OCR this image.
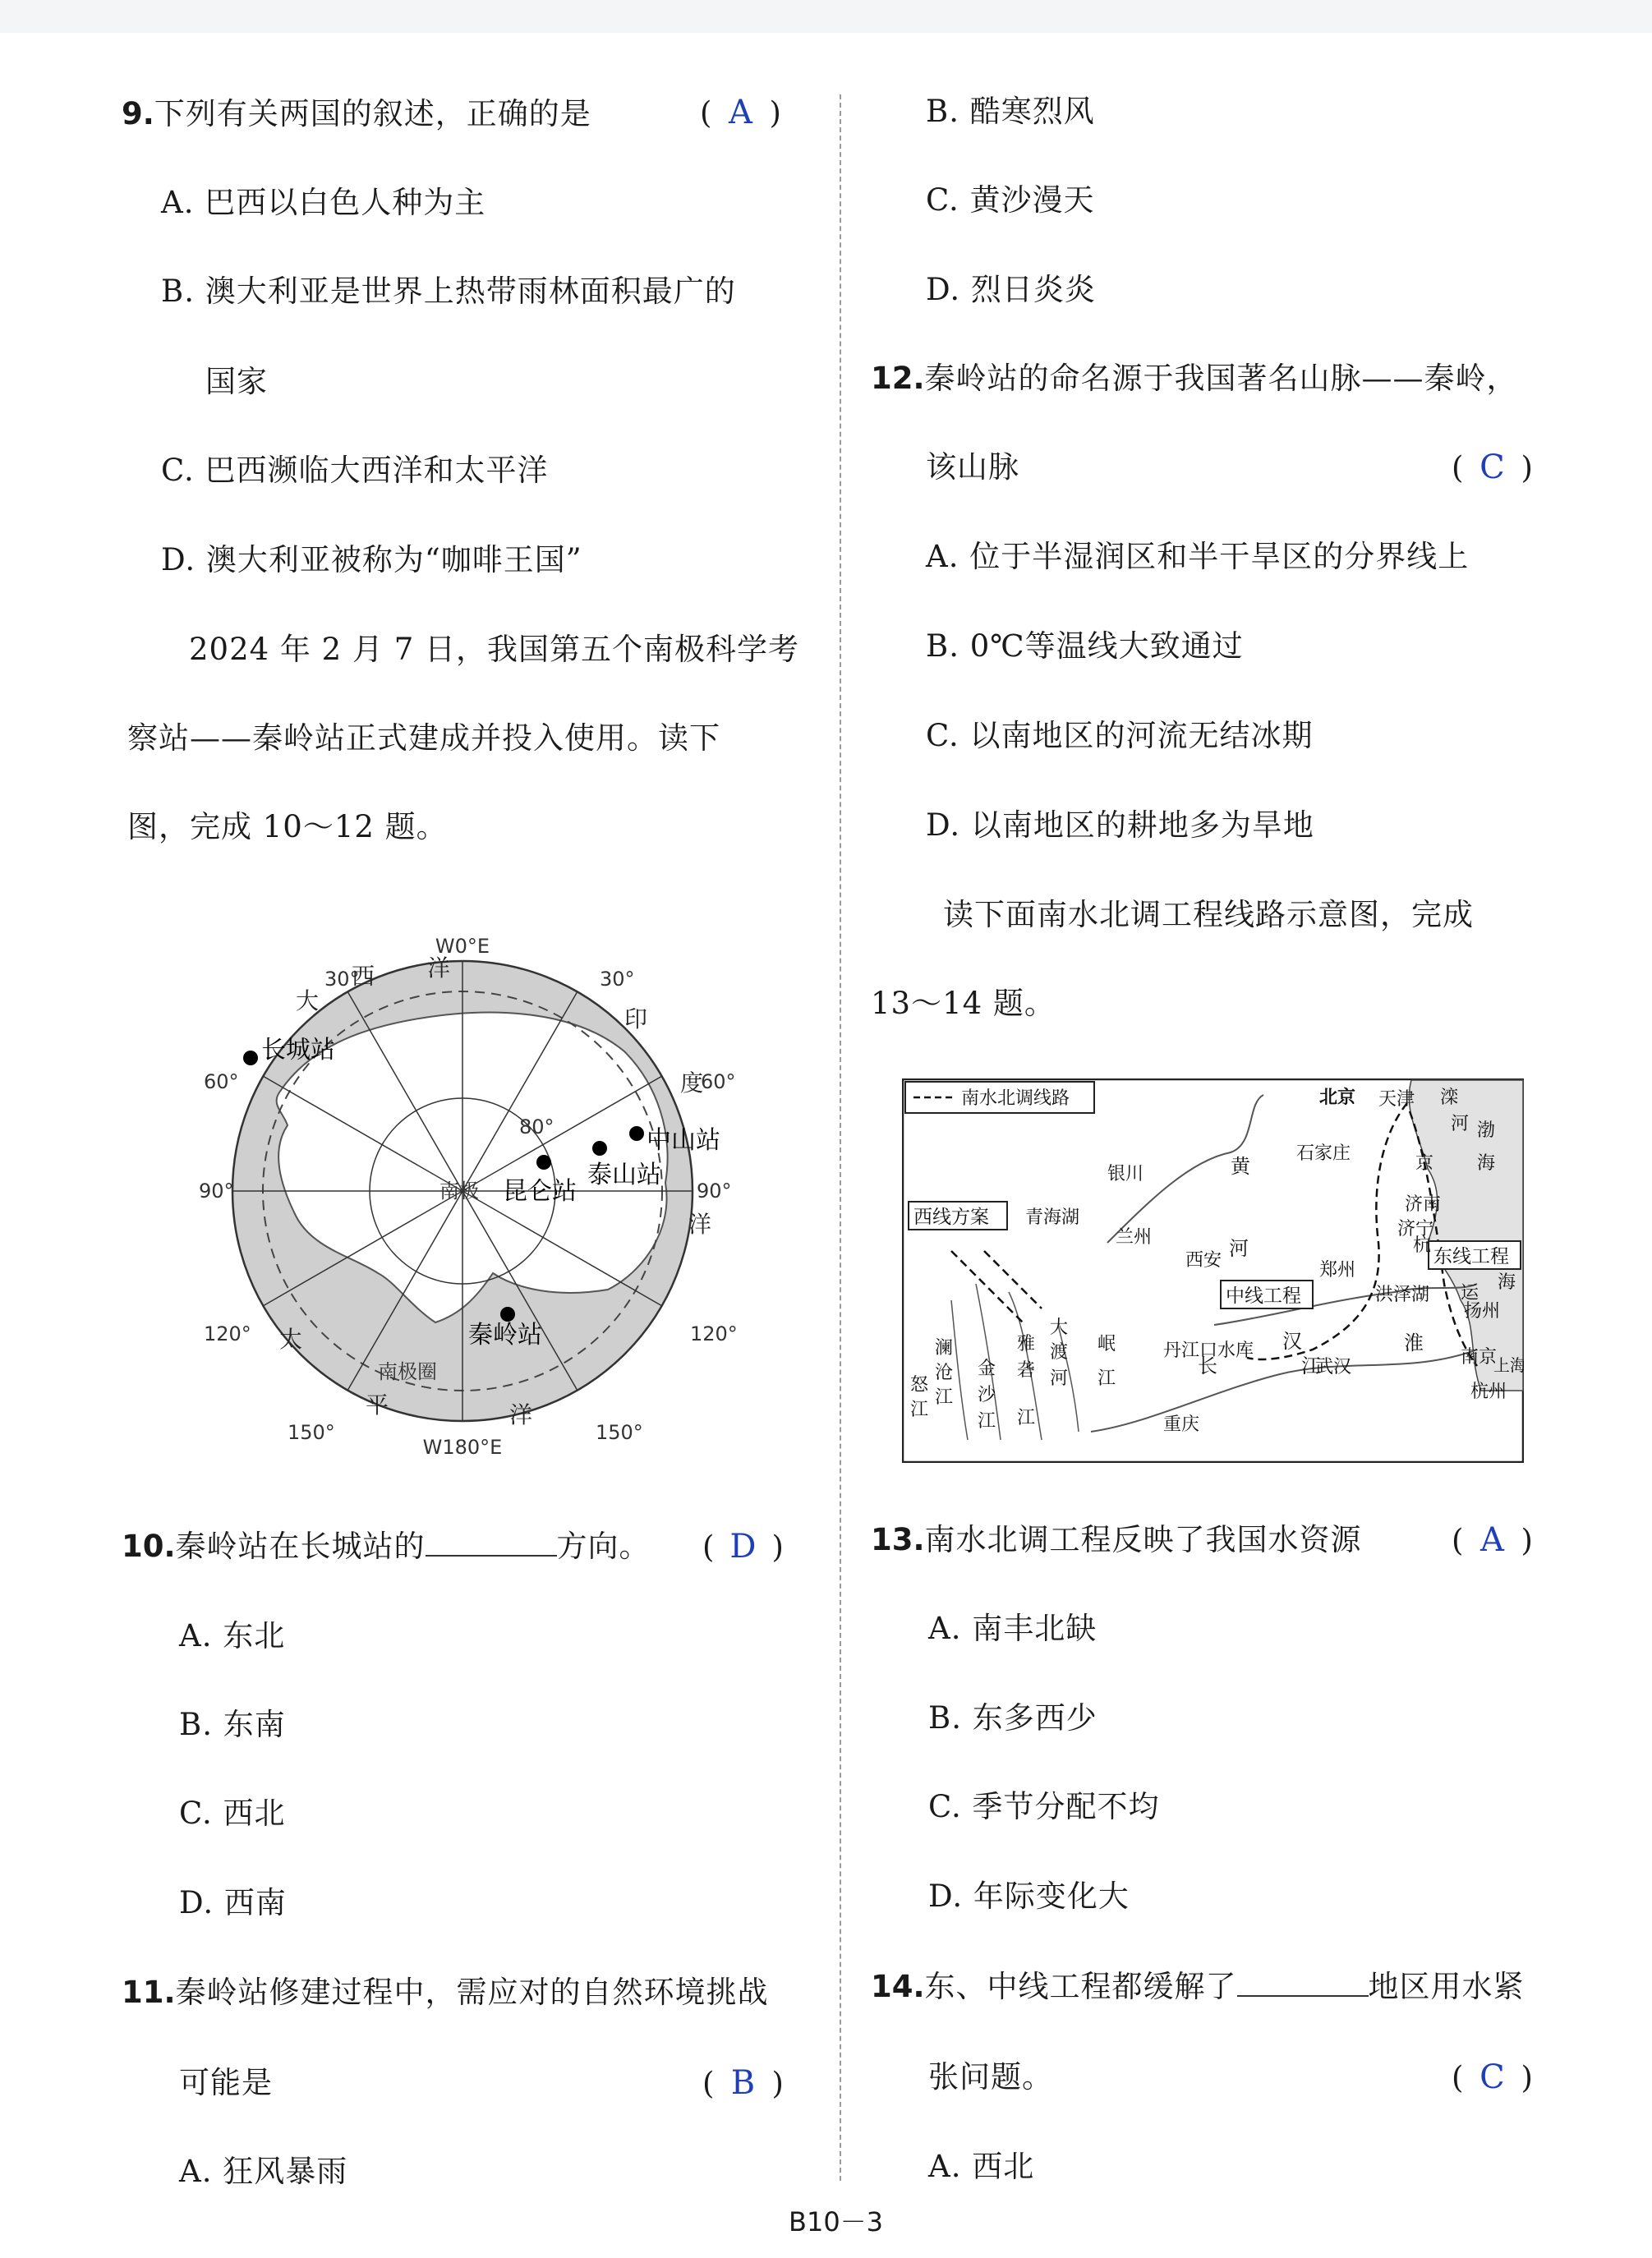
9.下列有关两国的叙述，正确的是	( A )
A. 巴西以白色人种为主
B. 澳大利亚是世界上热带雨林面积最广的
国家
C. 巴西濒临大西洋和太平洋
D. 澳大利亚被称为“咖啡王国”
2024 年 2 月 7 日，我国第五个南极科学考
察站——秦岭站正式建成并投入使用。读下
图，完成 10～12 题。
W0°E
W180°E
30°	30°
60°	60°
90°	90°
120°	120°
150°	150°
80°
南极
南极圈
大
西 洋
印
度
洋
太
平	洋
长城站
中山站
泰山站
昆仑站
秦岭站
10.秦岭站在长城站的	方向。 ( D )
A. 东北
B. 东南
C. 西北
D. 西南
11.秦岭站修建过程中，需应对的自然环境挑战
可能是	( B )
A. 狂风暴雨
B. 酷寒烈风
C. 黄沙漫天
D. 烈日炎炎
12.秦岭站的命名源于我国著名山脉——秦岭，
该山脉	( C )
A. 位于半湿润区和半干旱区的分界线上
B. 0℃等温线大致通过
C. 以南地区的河流无结冰期
D. 以南地区的耕地多为旱地
读下面南水北调工程线路示意图，完成
13～14 题。
南水北调线路
西线方案
中线工程
东线工程
北京 天津
石家庄
济南
济宁
郑州
西安
银川
兰州
武汉
重庆
南京
上海
杭州
扬州
青海湖
丹江口水库
洪泽湖
黄
河
汉
江
淮
长
滦
河 渤
海
京
杭
运
海
澜
沧
江
怒
江
金
沙
江
雅
砻
江
大
渡
河
岷
江
13.南水北调工程反映了我国水资源	( A )
A. 南丰北缺
B. 东多西少
C. 季节分配不均
D. 年际变化大
14.东、中线工程都缓解了	地区用水紧
张问题。	( C )
A. 西北
B10－3
